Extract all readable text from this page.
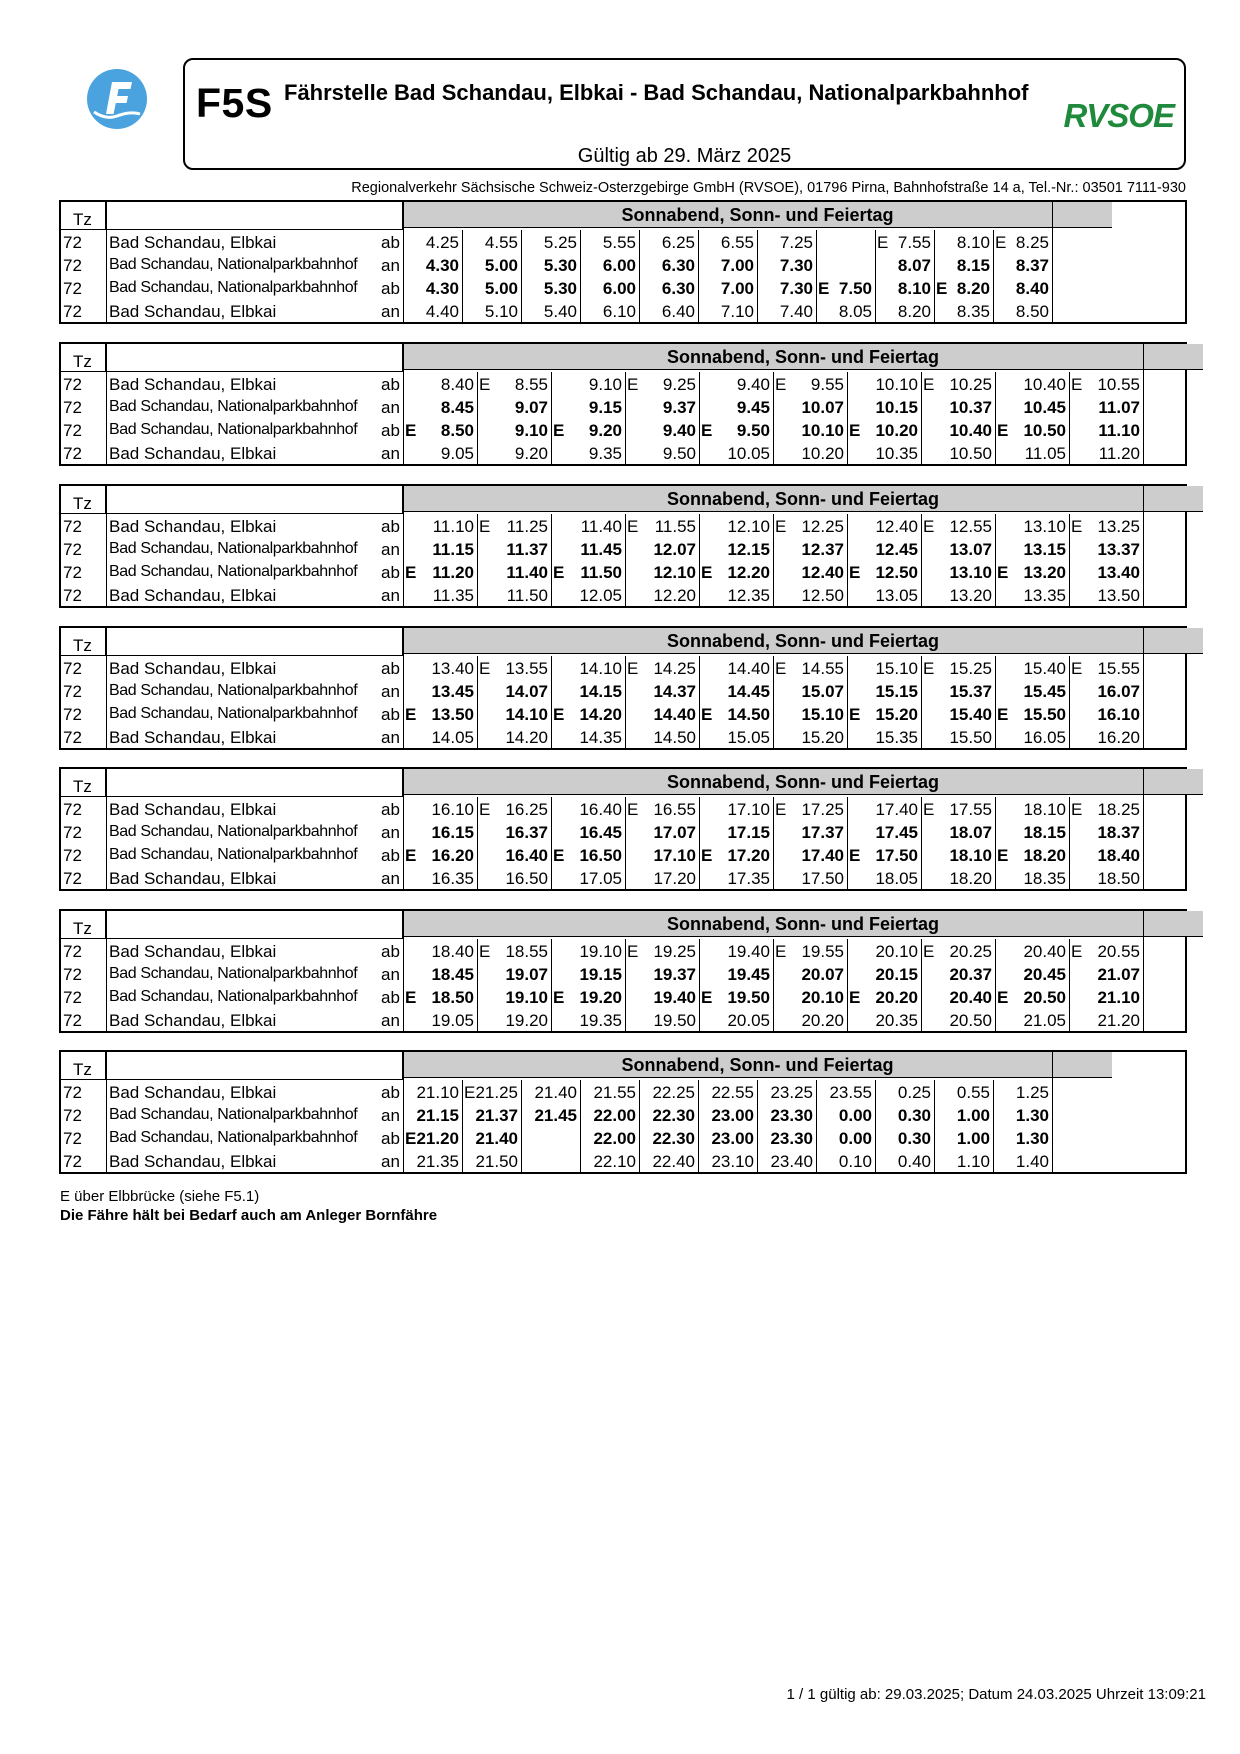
F5S Fährstelle Bad Schandau, Elbkai - Bad Schandau, Nationalparkbahnhof
Gültig ab 29. März 2025
RVSOE
Regionalverkehr Sächsische Schweiz-Osterzgebirge GmbH (RVSOE), 01796 Pirna, Bahnhofstraße 14 a, Tel.-Nr.: 03501 7111-930
Tz	Sonnabend, Sonn- und Feiertag
72 Bad Schandau, Elbkai	ab 4.25 4.55 5.25 5.55 6.25 6.55 7.25	E 7.55 8.10 E 8.25
72 Bad Schandau, Nationalparkbahnhof an 4.30 5.00 5.30 6.00 6.30 7.00 7.30	8.07 8.15 8.37
72 Bad Schandau, Nationalparkbahnhof ab 4.30 5.00 5.30 6.00 6.30 7.00 7.30 E 7.50 8.10 E 8.20 8.40
72 Bad Schandau, Elbkai	an 4.40 5.10 5.40 6.10 6.40 7.10 7.40 8.05 8.20 8.35 8.50
Tz	Sonnabend, Sonn- und Feiertag
72 Bad Schandau, Elbkai	ab 8.40 E 8.55 9.10 E 9.25 9.40 E 9.55 10.10 E 10.25 10.40 E 10.55
72 Bad Schandau, Nationalparkbahnhof an 8.45 9.07 9.15 9.37 9.45 10.07 10.15 10.37 10.45 11.07
72 Bad Schandau, Nationalparkbahnhof ab E 8.50 9.10 E 9.20 9.40 E 9.50 10.10 E 10.20 10.40 E 10.50 11.10
72 Bad Schandau, Elbkai	an 9.05 9.20 9.35 9.50 10.05 10.20 10.35 10.50 11.05 11.20
Tz	Sonnabend, Sonn- und Feiertag
72 Bad Schandau, Elbkai	ab 11.10 E 11.25 11.40 E 11.55 12.10 E 12.25 12.40 E 12.55 13.10 E 13.25
72 Bad Schandau, Nationalparkbahnhof an 11.15 11.37 11.45 12.07 12.15 12.37 12.45 13.07 13.15 13.37
72 Bad Schandau, Nationalparkbahnhof ab E 11.20 11.40 E 11.50 12.10 E 12.20 12.40 E 12.50 13.10 E 13.20 13.40
72 Bad Schandau, Elbkai	an 11.35 11.50 12.05 12.20 12.35 12.50 13.05 13.20 13.35 13.50
Tz	Sonnabend, Sonn- und Feiertag
72 Bad Schandau, Elbkai	ab 13.40 E 13.55 14.10 E 14.25 14.40 E 14.55 15.10 E 15.25 15.40 E 15.55
72 Bad Schandau, Nationalparkbahnhof an 13.45 14.07 14.15 14.37 14.45 15.07 15.15 15.37 15.45 16.07
72 Bad Schandau, Nationalparkbahnhof ab E 13.50 14.10 E 14.20 14.40 E 14.50 15.10 E 15.20 15.40 E 15.50 16.10
72 Bad Schandau, Elbkai	an 14.05 14.20 14.35 14.50 15.05 15.20 15.35 15.50 16.05 16.20
Tz	Sonnabend, Sonn- und Feiertag
72 Bad Schandau, Elbkai	ab 16.10 E 16.25 16.40 E 16.55 17.10 E 17.25 17.40 E 17.55 18.10 E 18.25
72 Bad Schandau, Nationalparkbahnhof an 16.15 16.37 16.45 17.07 17.15 17.37 17.45 18.07 18.15 18.37
72 Bad Schandau, Nationalparkbahnhof ab E 16.20 16.40 E 16.50 17.10 E 17.20 17.40 E 17.50 18.10 E 18.20 18.40
72 Bad Schandau, Elbkai	an 16.35 16.50 17.05 17.20 17.35 17.50 18.05 18.20 18.35 18.50
Tz	Sonnabend, Sonn- und Feiertag
72 Bad Schandau, Elbkai	ab 18.40 E 18.55 19.10 E 19.25 19.40 E 19.55 20.10 E 20.25 20.40 E 20.55
72 Bad Schandau, Nationalparkbahnhof an 18.45 19.07 19.15 19.37 19.45 20.07 20.15 20.37 20.45 21.07
72 Bad Schandau, Nationalparkbahnhof ab E 18.50 19.10 E 19.20 19.40 E 19.50 20.10 E 20.20 20.40 E 20.50 21.10
72 Bad Schandau, Elbkai	an 19.05 19.20 19.35 19.50 20.05 20.20 20.35 20.50 21.05 21.20
Tz	Sonnabend, Sonn- und Feiertag
72 Bad Schandau, Elbkai	ab 21.10 E 21.25 21.40 21.55 22.25 22.55 23.25 23.55 0.25 0.55 1.25
72 Bad Schandau, Nationalparkbahnhof an 21.15 21.37 21.45 22.00 22.30 23.00 23.30 0.00 0.30 1.00 1.30
72 Bad Schandau, Nationalparkbahnhof ab E 21.20 21.40	22.00 22.30 23.00 23.30 0.00 0.30 1.00 1.30
72 Bad Schandau, Elbkai	an 21.35 21.50	22.10 22.40 23.10 23.40 0.10 0.40 1.10 1.40
E über Elbbrücke (siehe F5.1)
Die Fähre hält bei Bedarf auch am Anleger Bornfähre
1 / 1 gültig ab: 29.03.2025; Datum 24.03.2025 Uhrzeit 13:09:21
